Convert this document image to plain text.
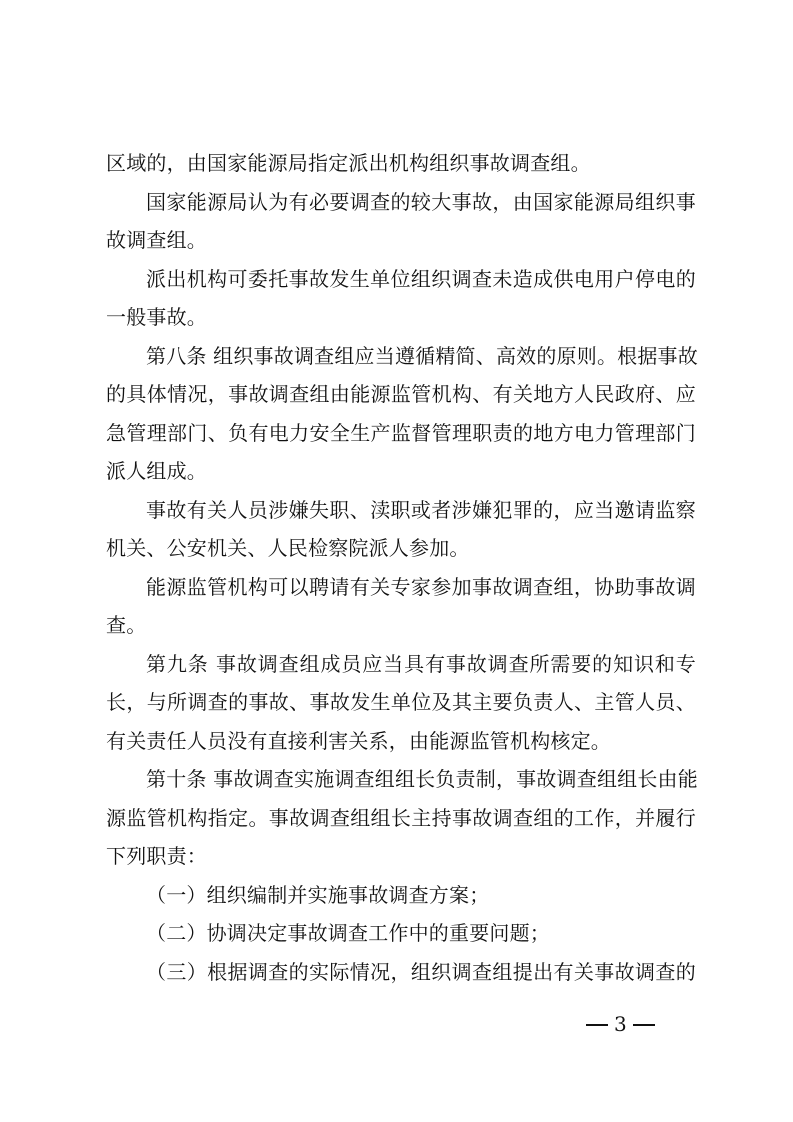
区域的，由国家能源局指定派出机构组织事故调查组。
国家能源局认为有必要调查的较大事故，由国家能源局组织事
故调查组。
派出机构可委托事故发生单位组织调查未造成供电用户停电的
一般事故。
第八条 组织事故调查组应当遵循精简、高效的原则。根据事故
的具体情况，事故调查组由能源监管机构、有关地方人民政府、应
急管理部门、负有电力安全生产监督管理职责的地方电力管理部门
派人组成。
事故有关人员涉嫌失职、渎职或者涉嫌犯罪的，应当邀请监察
机关、公安机关、人民检察院派人参加。
能源监管机构可以聘请有关专家参加事故调查组，协助事故调
查。
第九条 事故调查组成员应当具有事故调查所需要的知识和专
长，与所调查的事故、事故发生单位及其主要负责人、主管人员、
有关责任人员没有直接利害关系，由能源监管机构核定。
第十条 事故调查实施调查组组长负责制，事故调查组组长由能
源监管机构指定。事故调查组组长主持事故调查组的工作，并履行
下列职责：
（一）组织编制并实施事故调查方案；
（二）协调决定事故调查工作中的重要问题；
（三）根据调查的实际情况，组织调查组提出有关事故调查的
3
